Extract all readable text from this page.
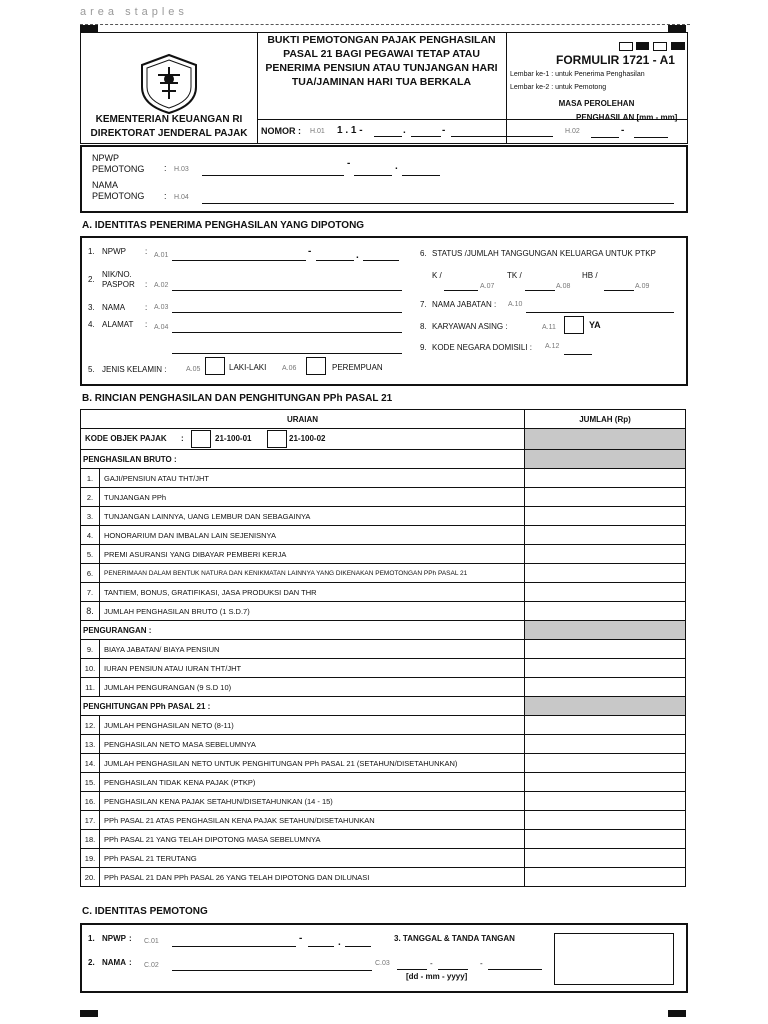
area staples
KEMENTERIAN KEUANGAN RI
DIREKTORAT JENDERAL PAJAK
BUKTI PEMOTONGAN PAJAK PENGHASILAN
PASAL 21 BAGI PEGAWAI TETAP ATAU
PENERIMA PENSIUN ATAU TUNJANGAN HARI
TUA/JAMINAN HARI TUA BERKALA
NOMOR : H.01 1 . 1 -	.	-
FORMULIR 1721 - A1
Lembar ke-1 : untuk Penerima Penghasilan
Lembar ke-2 : untuk Pemotong
MASA PEROLEHAN
PENGHASILAN [mm - mm]
H.02	-
NPWP
PEMOTONG : H.03
-	.
NAMA
PEMOTONG : H.04
A. IDENTITAS PENERIMA PENGHASILAN YANG DIPOTONG
1. NPWP : A.01	-	.
2.
NIK/NO.
PASPOR : A.02
3. NAMA : A.03
4. ALAMAT : A.04
5. JENIS KELAMIN :	A.05	LAKI-LAKI A.06	PEREMPUAN
6. STATUS /JUMLAH TANGGUNGAN KELUARGA UNTUK PTKP
K /
A.07
TK /
A.08
HB /
A.09
7. NAMA JABATAN : A.10
8. KARYAWAN ASING :	A.11	YA
9. KODE NEGARA DOMISILI : A.12
B. RINCIAN PENGHASILAN DAN PENGHITUNGAN PPh PASAL 21
URAIAN		JUMLAH (Rp)

KODE OBJEK PAJAK : 21-100-01 21-100-02		

PENGHASILAN BRUTO :		
1.	GAJI/PENSIUN ATAU THT/JHT	
2.	TUNJANGAN PPh	
3.	TUNJANGAN LAINNYA, UANG LEMBUR DAN SEBAGAINYA	
4.	HONORARIUM DAN IMBALAN LAIN SEJENISNYA	
5.	PREMI ASURANSI YANG DIBAYAR PEMBERI KERJA	
6.	PENERIMAAN DALAM BENTUK NATURA DAN KENIKMATAN LAINNYA YANG DIKENAKAN PEMOTONGAN PPh PASAL 21	
7.	TANTIEM, BONUS, GRATIFIKASI, JASA PRODUKSI DAN THR	
8.	JUMLAH PENGHASILAN BRUTO (1 S.D.7)	
PENGURANGAN :		
9.	BIAYA JABATAN/ BIAYA PENSIUN	
10.	IURAN PENSIUN ATAU IURAN THT/JHT	
11.	JUMLAH PENGURANGAN (9 S.D 10)	
PENGHITUNGAN PPh PASAL 21 :		
12.	JUMLAH PENGHASILAN NETO (8-11)	
13.	PENGHASILAN NETO MASA SEBELUMNYA	
14.	JUMLAH PENGHASILAN NETO UNTUK PENGHITUNGAN PPh PASAL 21 (SETAHUN/DISETAHUNKAN)	
15.	PENGHASILAN TIDAK KENA PAJAK (PTKP)	
16.	PENGHASILAN KENA PAJAK SETAHUN/DISETAHUNKAN (14 - 15)	
17.	PPh PASAL 21 ATAS PENGHASILAN KENA PAJAK SETAHUN/DISETAHUNKAN	
18.	PPh PASAL 21 YANG TELAH DIPOTONG MASA SEBELUMNYA	
19.	PPh PASAL 21 TERUTANG	
20.	PPh PASAL 21 DAN PPh PASAL 26 YANG TELAH DIPOTONG DAN DILUNASI	
C. IDENTITAS PEMOTONG
1. NPWP : C.01	-	.	3. TANGGAL & TANDA TANGAN
2. NAMA : C.02	C.03	-	-
[dd - mm - yyyy]
